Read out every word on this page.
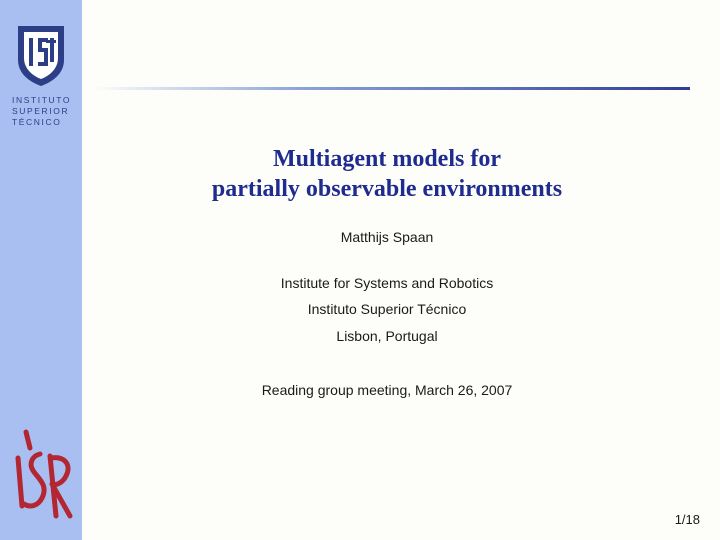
INSTITUTO
SUPERIOR
TÉCNICO
Multiagent models for
partially observable environments
Matthijs Spaan
Institute for Systems and Robotics
Instituto Superior Técnico
Lisbon, Portugal
Reading group meeting, March 26, 2007
1/18
